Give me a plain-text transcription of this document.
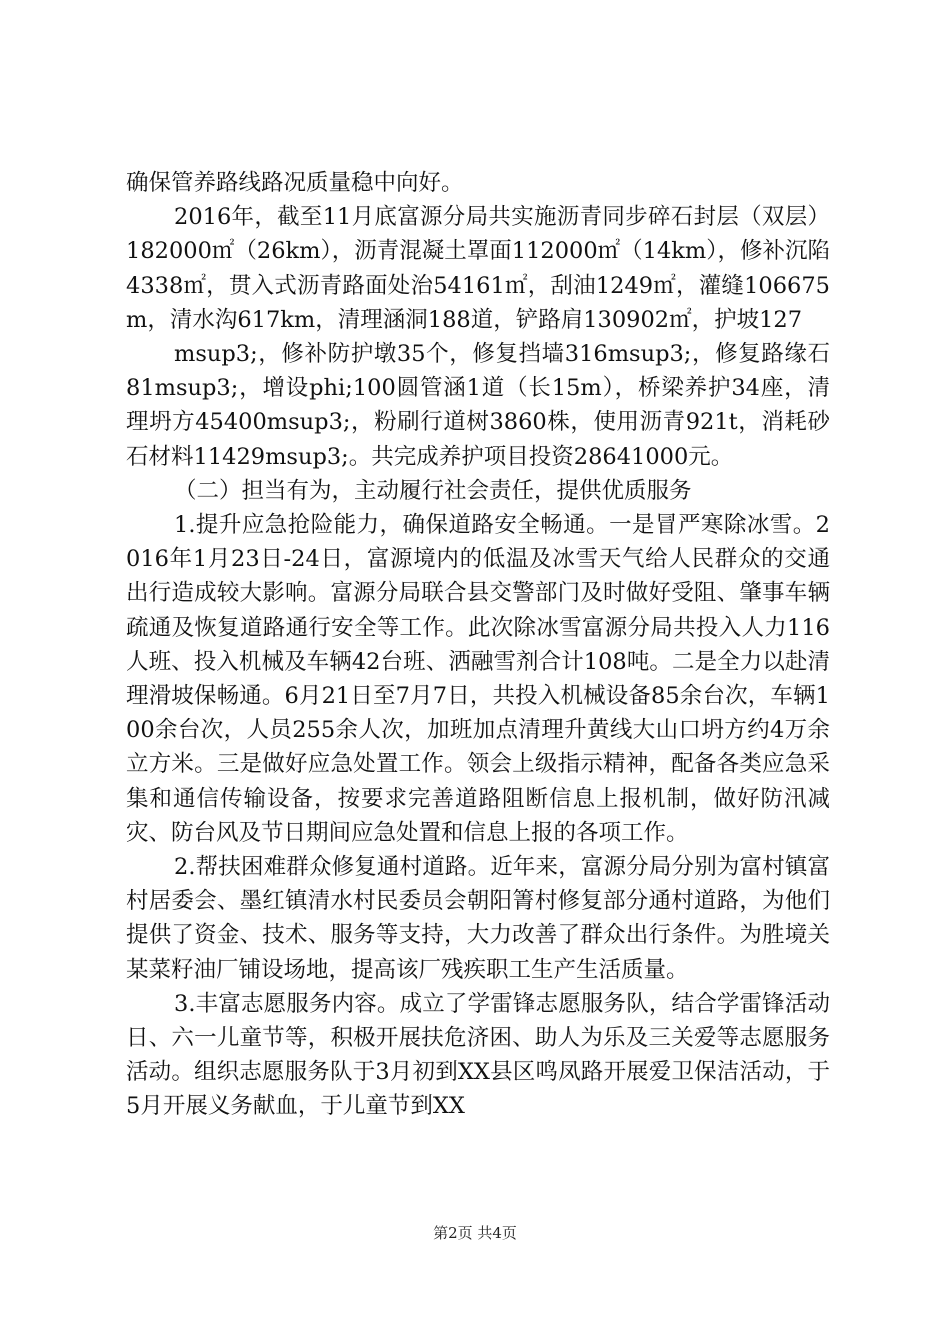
确保管养路线路况质量稳中向好。

2016年，截至11月底富源分局共实施沥青同步碎石封层（双层）182000㎡（26km），沥青混凝土罩面112000㎡（14km），修补沉陷4338㎡，贯入式沥青路面处治54161㎡，刮油1249㎡，灌缝106675m，清水沟617km，清理涵洞188道，铲路肩130902㎡，护坡127

msup3;，修补防护墩35个，修复挡墙316msup3;，修复路缘石81msup3;，增设phi;100圆管涵1道（长15m），桥梁养护34座，清理坍方45400msup3;，粉刷行道树3860株，使用沥青921t，消耗砂石材料11429msup3;。共完成养护项目投资28641000元。

（二）担当有为，主动履行社会责任，提供优质服务

1.提升应急抢险能力，确保道路安全畅通。一是冒严寒除冰雪。2016年1月23日-24日，富源境内的低温及冰雪天气给人民群众的交通出行造成较大影响。富源分局联合县交警部门及时做好受阻、肇事车辆疏通及恢复道路通行安全等工作。此次除冰雪富源分局共投入人力116人班、投入机械及车辆42台班、洒融雪剂合计108吨。二是全力以赴清理滑坡保畅通。6月21日至7月7日，共投入机械设备85余台次，车辆100余台次，人员255余人次，加班加点清理升黄线大山口坍方约4万余立方米。三是做好应急处置工作。领会上级指示精神，配备各类应急采集和通信传输设备，按要求完善道路阻断信息上报机制，做好防汛减灾、防台风及节日期间应急处置和信息上报的各项工作。

2.帮扶困难群众修复通村道路。近年来，富源分局分别为富村镇富村居委会、墨红镇清水村民委员会朝阳箐村修复部分通村道路，为他们提供了资金、技术、服务等支持，大力改善了群众出行条件。为胜境关某菜籽油厂铺设场地，提高该厂残疾职工生产生活质量。

3.丰富志愿服务内容。成立了学雷锋志愿服务队，结合学雷锋活动日、六一儿童节等，积极开展扶危济困、助人为乐及三关爱等志愿服务活动。组织志愿服务队于3月初到XX县区鸣凤路开展爱卫保洁活动，于5月开展义务献血，于儿童节到XX

第2页 共4页
